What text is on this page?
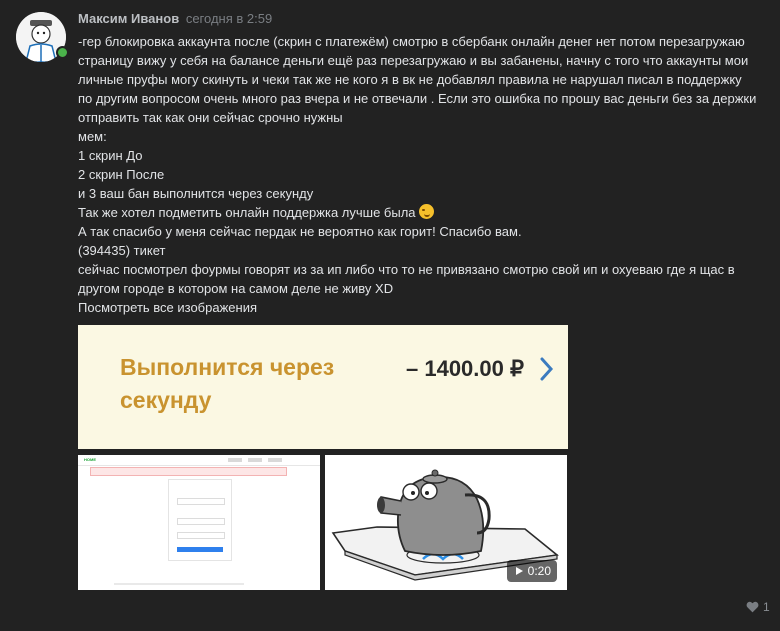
Максим Иванов сегодня в 2:59
-гер блокировка аккаунта после (скрин с платежём) смотрю в сбербанк онлайн денег нет потом перезагружаю
страницу вижу у себя на балансе деньги ещё раз перезагружаю и вы забанены, начну с того что аккаунты мои
личные пруфы могу скинуть и чеки так же не кого я в вк не добавлял правила не нарушал писал в поддержку
по другим вопросом очень много раз вчера и не отвечали . Если это ошибка по прошу вас деньги без за держки
отправить так как они сейчас срочно нужны
мем:
1 скрин До
2 скрин После
и 3 ваш бан выполнится через секунду
Так же хотел подметить онлайн поддержка лучше была
А так спасибо у меня сейчас пердак не вероятно как горит! Спасибо вам.
(394435) тикет
сейчас посмотрел фоурмы говорят из за ип либо что то не привязано смотрю свой ип и охуеваю где я щас в
другом городе в котором на самом деле не живу XD
Посмотреть все изображения
Выполнится через
секунду
– 1400.00 ₽
HOME
0:20
1
